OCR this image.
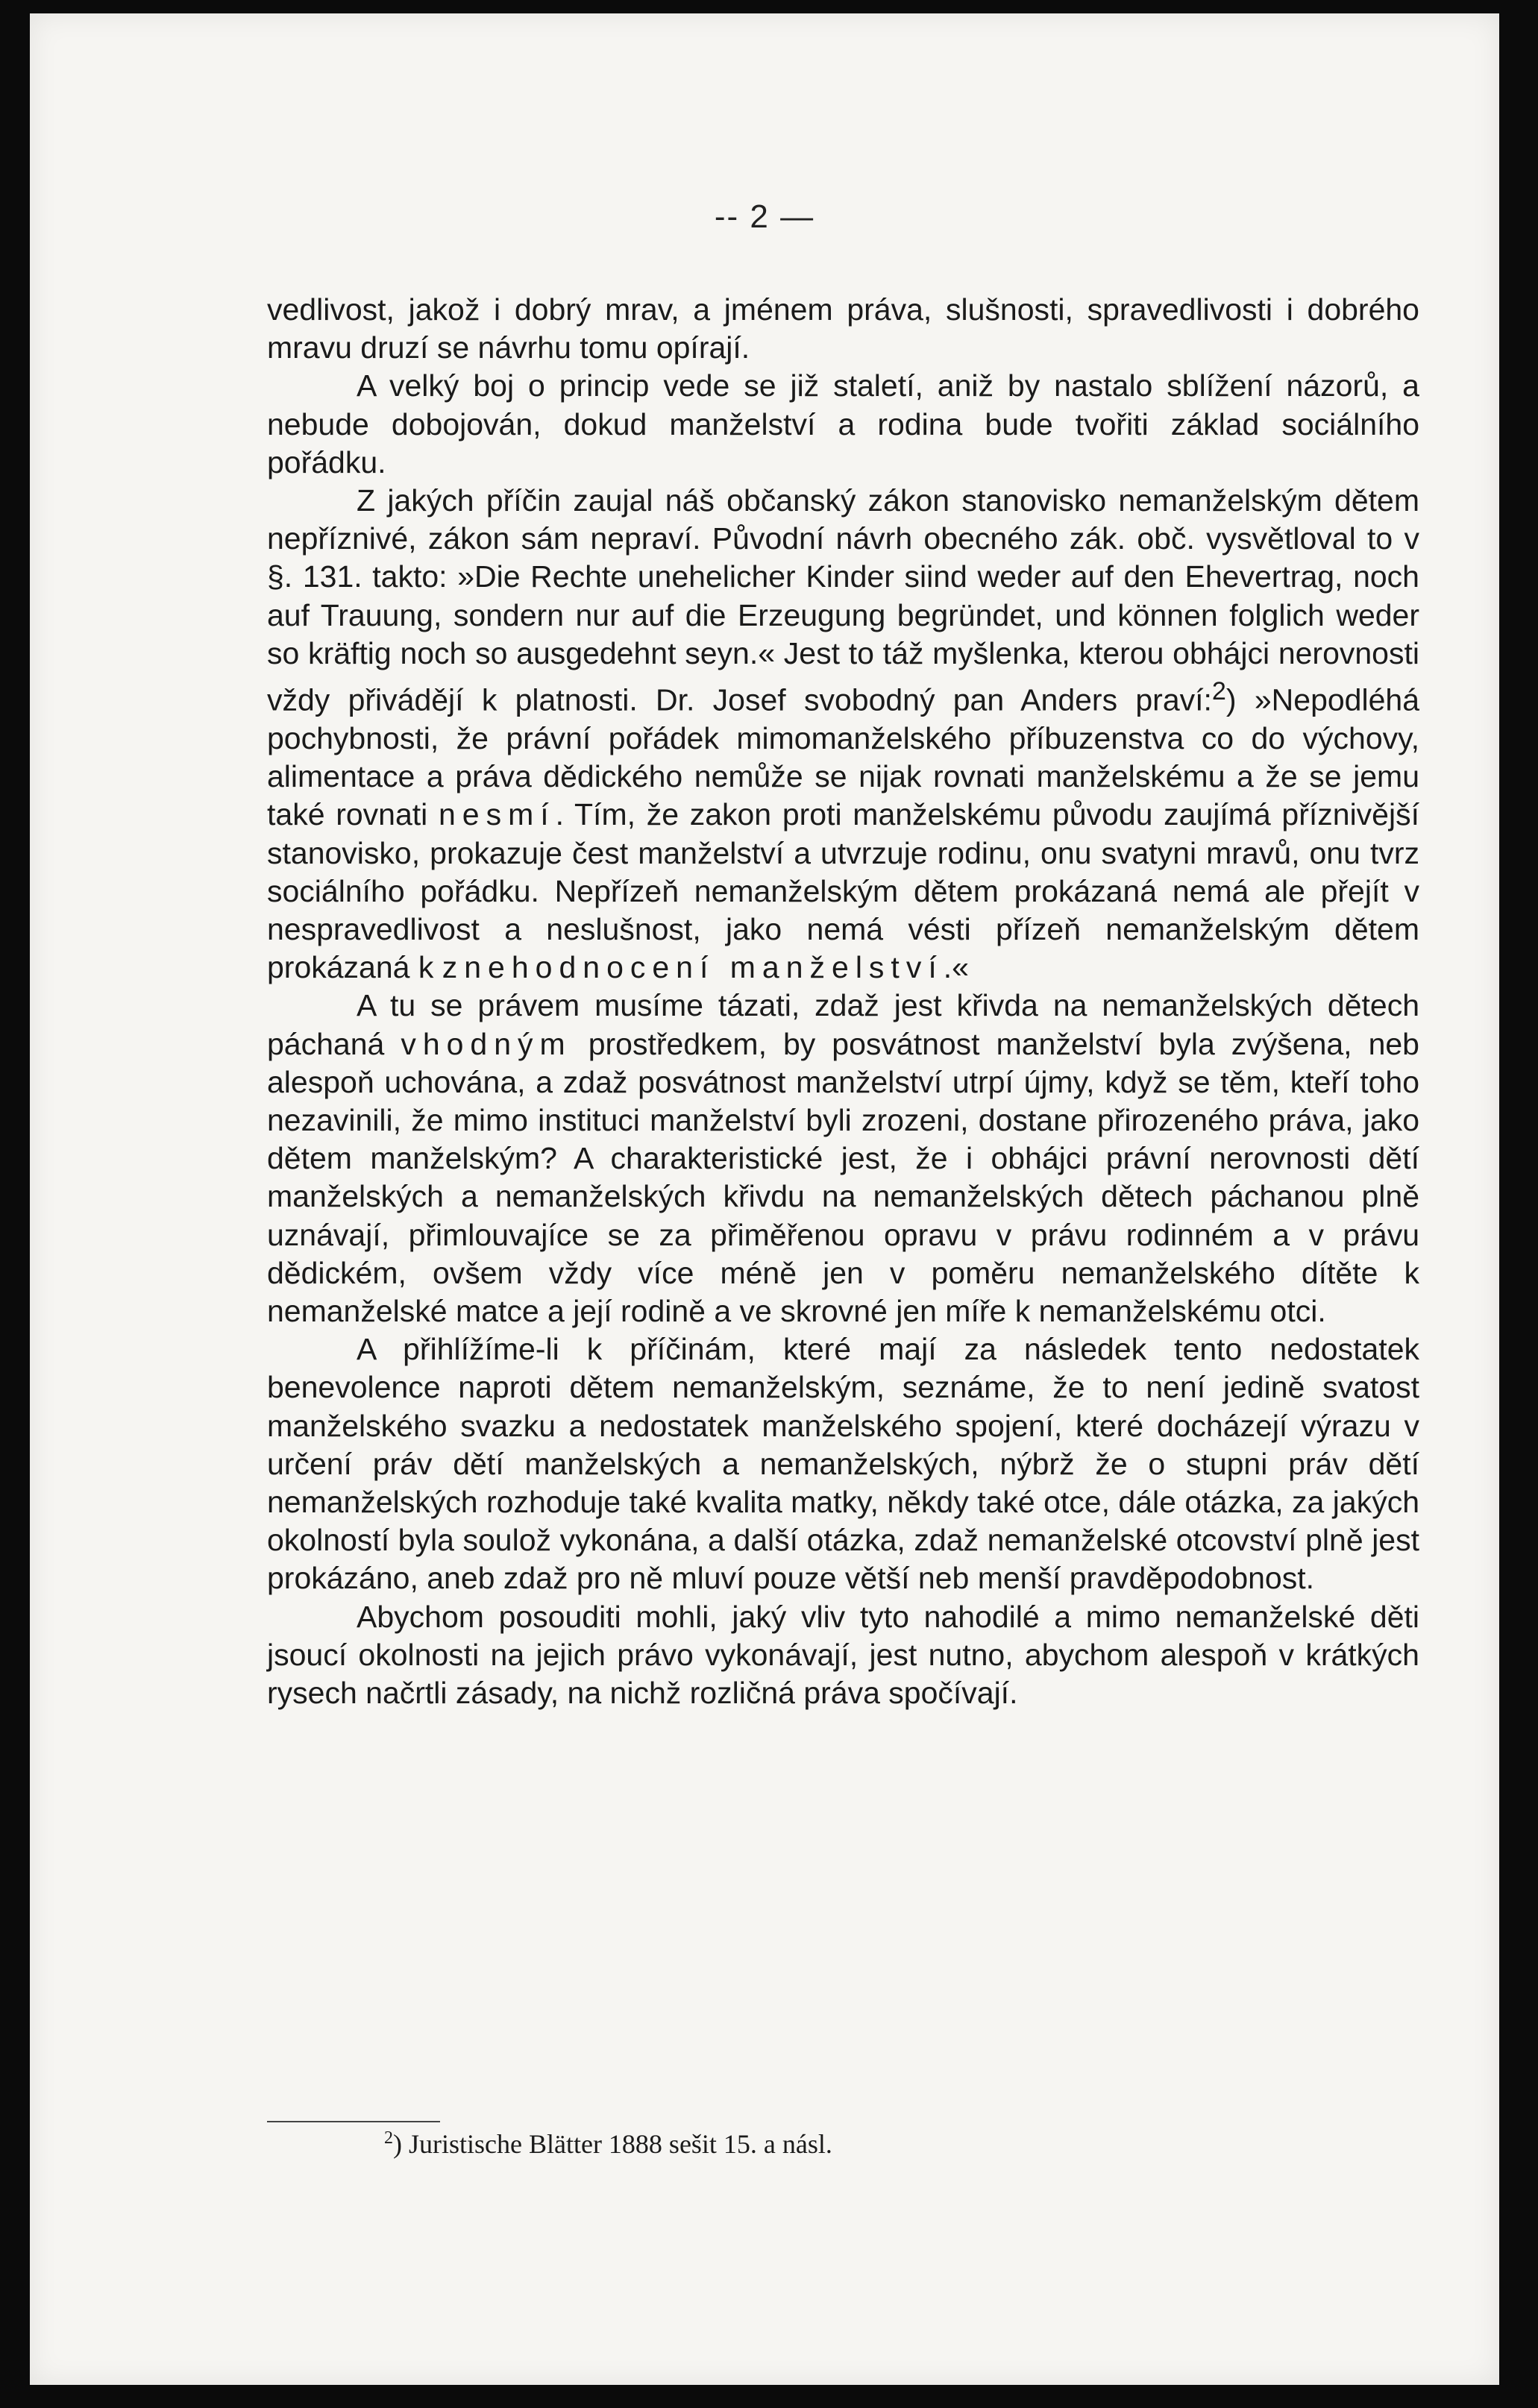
-- 2 —

vedlivost, jakož i dobrý mrav, a jménem práva, slušnosti, spravedlivosti i dobrého mravu druzí se návrhu tomu opírají.

A velký boj o princip vede se již staletí, aniž by nastalo sblížení názorů, a nebude dobojován, dokud manželství a rodina bude tvořiti základ sociálního pořádku.

Z jakých příčin zaujal náš občanský zákon stanovisko nemanželským dětem nepříznivé, zákon sám nepraví. Původní návrh obecného zák. obč. vysvětloval to v §. 131. takto: »Die Rechte unehelicher Kinder siind weder auf den Ehevertrag, noch auf Trauung, sondern nur auf die Erzeugung begründet, und können folglich weder so kräftig noch so ausgedehnt seyn.« Jest to táž myšlenka, kterou obhájci nerovnosti vždy přivádějí k platnosti. Dr. Josef svobodný pan Anders praví:$^2$) »Nepodléhá pochybnosti, že právní pořádek mimomanželského příbuzenstva co do výchovy, alimentace a práva dědického nemůže se nijak rovnati manželskému a že se jemu také rovnati nesmí. Tím, že zakon proti manželskému původu zaujímá příznivější stanovisko, prokazuje čest manželství a utvrzuje rodinu, onu svatyni mravů, onu tvrz sociálního pořádku. Nepřízeň nemanželským dětem prokázaná nemá ale přejít v nespravedlivost a neslušnost, jako nemá vésti přízeň nemanželským dětem prokázaná k znehodnocení manželství.«

A tu se právem musíme tázati, zdaž jest křivda na nemanželských dětech páchaná vhodným prostředkem, by posvátnost manželství byla zvýšena, neb alespoň uchována, a zdaž posvátnost manželství utrpí újmy, když se těm, kteří toho nezavinili, že mimo instituci manželství byli zrozeni, dostane přirozeného práva, jako dětem manželským? A charakteristické jest, že i obhájci právní nerovnosti dětí manželských a nemanželských křivdu na nemanželských dětech páchanou plně uznávají, přimlouvajíce se za přiměřenou opravu v právu rodinném a v právu dědickém, ovšem vždy více méně jen v poměru nemanželského dítěte k nemanželské matce a její rodině a ve skrovné jen míře k nemanželskému otci.

A přihlížíme-li k příčinám, které mají za následek tento nedostatek benevolence naproti dětem nemanželským, seznáme, že to není jedině svatost manželského svazku a nedostatek manželského spojení, které docházejí výrazu v určení práv dětí manželských a nemanželských, nýbrž že o stupni práv dětí nemanželských rozhoduje také kvalita matky, někdy také otce, dále otázka, za jakých okolností byla soulož vykonána, a další otázka, zdaž nemanželské otcovství plně jest prokázáno, aneb zdaž pro ně mluví pouze větší neb menší pravděpodobnost.

Abychom posouditi mohli, jaký vliv tyto nahodilé a mimo nemanželské děti jsoucí okolnosti na jejich právo vykonávají, jest nutno, abychom alespoň v krátkých rysech načrtli zásady, na nichž rozličná práva spočívají.

$^2$) Juristische Blätter 1888 sešit 15. a násl.
